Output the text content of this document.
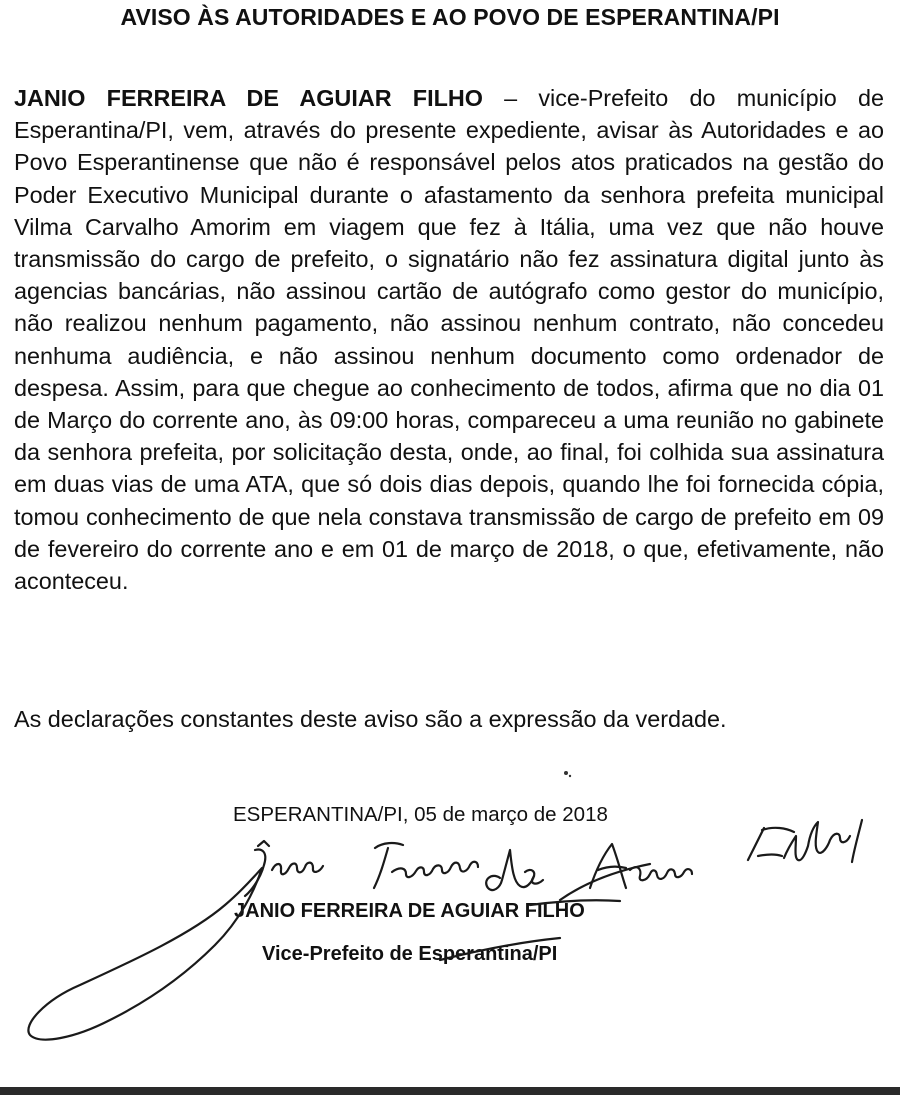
AVISO ÀS AUTORIDADES E AO POVO DE ESPERANTINA/PI

JANIO FERREIRA DE AGUIAR FILHO – vice-Prefeito do município de Esperantina/PI, vem, através do presente expediente, avisar às Autoridades e ao Povo Esperantinense que não é responsável pelos atos praticados na gestão do Poder Executivo Municipal durante o afastamento da senhora prefeita municipal Vilma Carvalho Amorim em viagem que fez à Itália, uma vez que não houve transmissão do cargo de prefeito, o signatário não fez assinatura digital junto às agencias bancárias, não assinou cartão de autógrafo como gestor do município, não realizou nenhum pagamento, não assinou nenhum contrato, não concedeu nenhuma audiência, e não assinou nenhum documento como ordenador de despesa. Assim, para que chegue ao conhecimento de todos, afirma que no dia 01 de Março do corrente ano, às 09:00 horas, compareceu a uma reunião no gabinete da senhora prefeita, por solicitação desta, onde, ao final, foi colhida sua assinatura em duas vias de uma ATA, que só dois dias depois, quando lhe foi fornecida cópia, tomou conhecimento de que nela constava transmissão de cargo de prefeito em 09 de fevereiro do corrente ano e em 01 de março de 2018, o que, efetivamente, não aconteceu.

As declarações constantes deste aviso são a expressão da verdade.

ESPERANTINA/PI, 05 de março de 2018

JANIO FERREIRA DE AGUIAR FILHO

Vice-Prefeito de Esperantina/PI
